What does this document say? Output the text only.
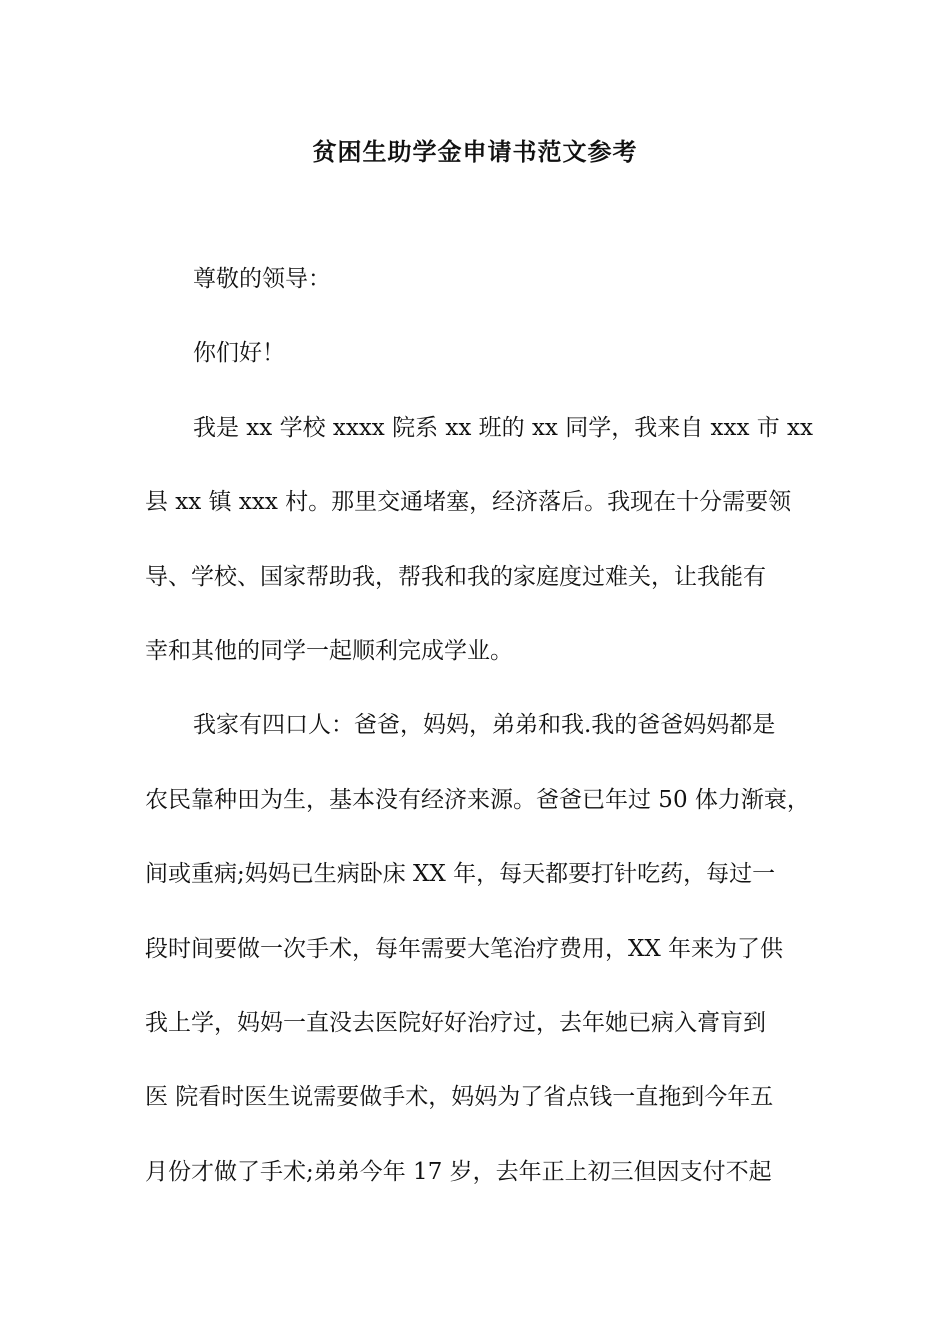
贫困生助学金申请书范文参考
尊敬的领导：
你们好！
我是 xx 学校 xxxx 院系 xx 班的 xx 同学，我来自 xxx 市 xx
县 xx 镇 xxx 村。那里交通堵塞，经济落后。我现在十分需要领
导、学校、国家帮助我，帮我和我的家庭度过难关，让我能有
幸和其他的同学一起顺利完成学业。
我家有四口人：爸爸，妈妈，弟弟和我.我的爸爸妈妈都是
农民靠种田为生，基本没有经济来源。爸爸已年过 50 体力渐衰，
间或重病;妈妈已生病卧床 XX 年，每天都要打针吃药，每过一
段时间要做一次手术，每年需要大笔治疗费用，XX 年来为了供
我上学，妈妈一直没去医院好好治疗过，去年她已病入膏肓到
医 院看时医生说需要做手术，妈妈为了省点钱一直拖到今年五
月份才做了手术;弟弟今年 17 岁，去年正上初三但因支付不起
